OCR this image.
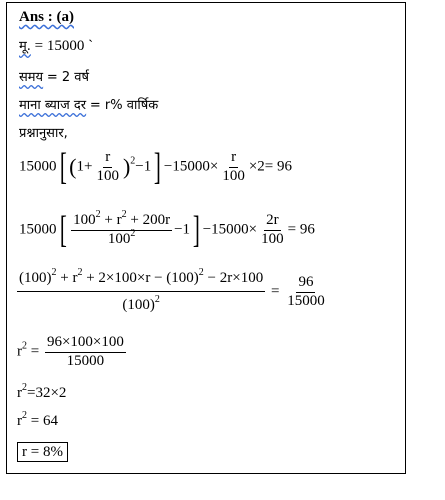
Ans : (a)
मू. = 15000 `
समय = 2 वर्ष
माना ब्याज दर = r% वार्षिक
प्रश्नानुसार,
15000[ $(1+ \frac{r}{100} )^2-1] -15000\times \frac{r}{100} \times 2= 96$
$15000[ \frac{100^2 + r^2 + 200r}{100^2} -1] -15000\times \frac{2r}{100} = 96$
$\frac{(100)^2 + r^2 + 2\times 100\times r - (100)^2 - 2r\times 100}{(100)^2} = \frac{96}{15000}$
$r^2 = \frac{96\times 100\times 100}{15000}$
$r^2=32\times 2$
$r^2 = 64$
r = 8%
